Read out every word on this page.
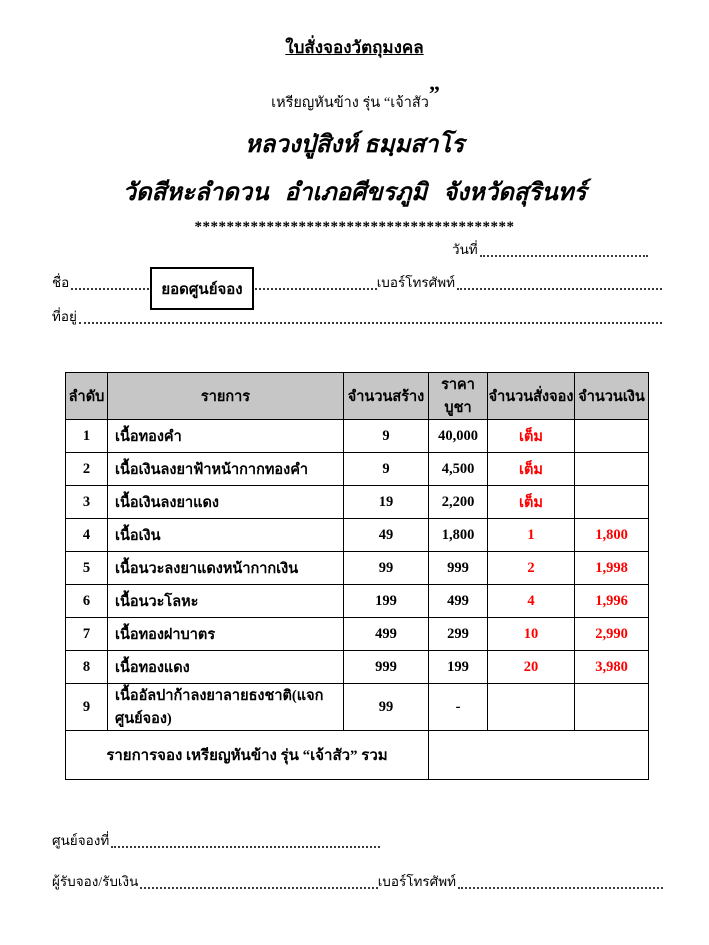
ใบสั่งจองวัตถุมงคล
เหรียญหันข้าง รุ่น “เจ้าสัว”
หลวงปู่สิงห์ ธมฺมสาโร
วัดสีหะลำดวน อำเภอศีขรภูมิ จังหวัดสุรินทร์
****************************************
วันที่
ชื่อ	เบอร์โทรศัพท์
ที่อยู่
ยอดศูนย์จอง
ลำดับ	รายการ	จำนวนสร้าง	ราคาบูชา	จำนวนสั่งจอง	จำนวนเงิน
1	เนื้อทองคำ	9	40,000	เต็ม	
2	เนื้อเงินลงยาฟ้าหน้ากากทองคำ	9	4,500	เต็ม	
3	เนื้อเงินลงยาแดง	19	2,200	เต็ม	
4	เนื้อเงิน	49	1,800	1	1,800
5	เนื้อนวะลงยาแดงหน้ากากเงิน	99	999	2	1,998
6	เนื้อนวะโลหะ	199	499	4	1,996
7	เนื้อทองฝาบาตร	499	299	10	2,990
8	เนื้อทองแดง	999	199	20	3,980
9	เนื้ออัลปาก้าลงยาลายธงชาติ(แจกศูนย์จอง)	99	-		
รายการจอง เหรียญหันข้าง รุ่น “เจ้าสัว” รวม					
ศูนย์จองที่
ผู้รับจอง/รับเงิน	เบอร์โทรศัพท์
